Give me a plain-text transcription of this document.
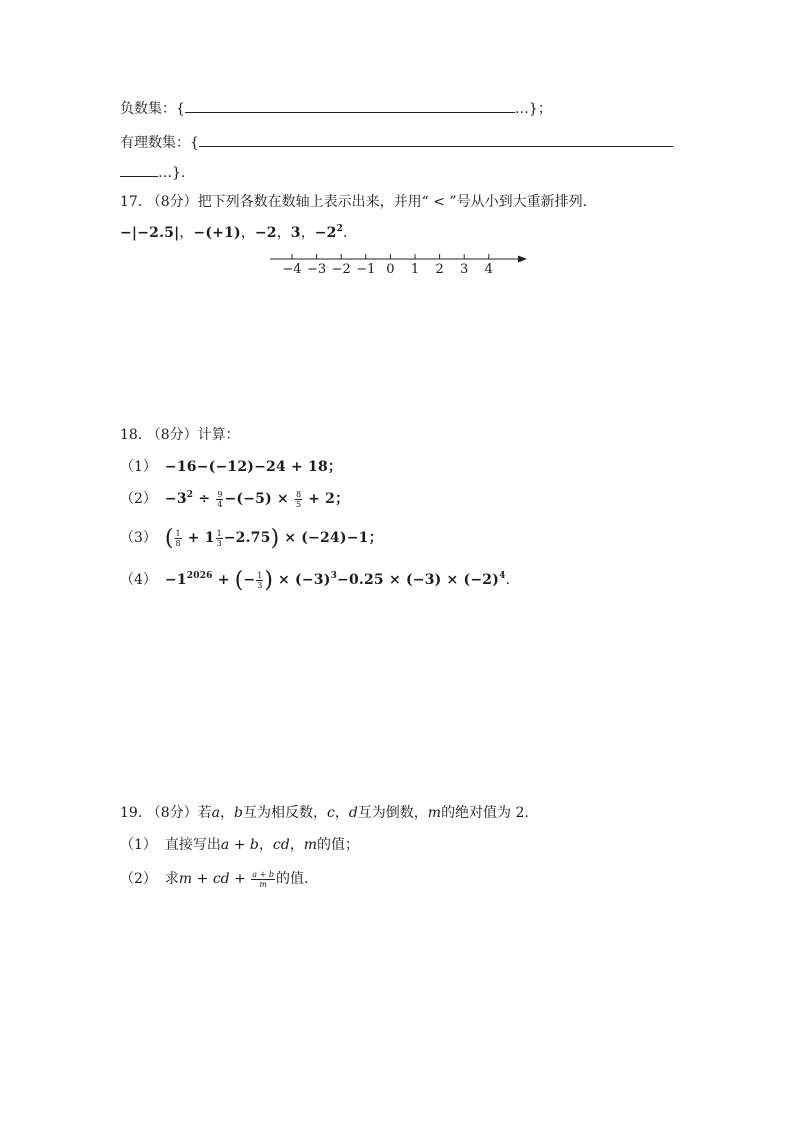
负数集：{	…}；
有理数集：{
…}.
17. （8分）把下列各数在数轴上表示出来，并用“ < ”号从小到大重新排列.
−|−2.5|，−(+1)，−2，3，$-2^2$.
−4 −3 −2 −1 0 1 2 3 4
18. （8分）计算：
（1） −16−(−12)−24 + 18；
$(2) -3^2 \div \frac{9}{4} -(-5) \times \frac{8}{5} + 2$；
（3） ( $\frac{1}{8} + 1 \frac{1}{3} -2.75) \times (-24)-1$；
$(4) -1^{2026}$ + (− $\frac{1}{3}$ ) × $(-3)^3-0.25 \times (-3) \times (-2)^4$.
19. （8分）若a，b互为相反数，c，d互为倒数，m的绝对值为 2.
（1） 直接写出a + b，cd，m的值；
（2） 求m + cd + $\frac{a + b}{m}$ 的值.
